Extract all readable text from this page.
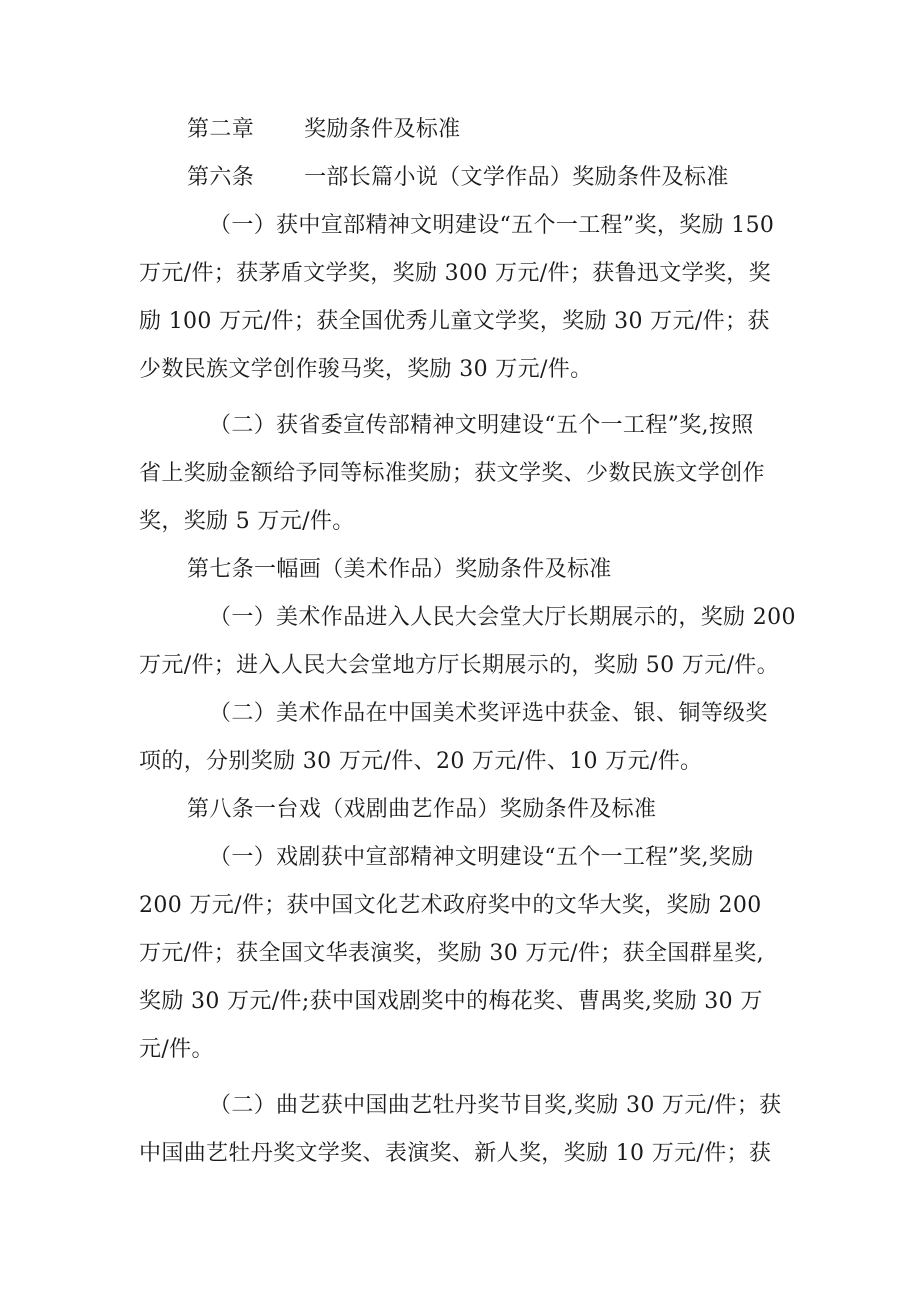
第二章 奖励条件及标准
第六条 一部长篇小说（文学作品）奖励条件及标准
（一）获中宣部精神文明建设“五个一工程”奖，奖励 150
万元/件；获茅盾文学奖，奖励 300 万元/件；获鲁迅文学奖，奖
励 100 万元/件；获全国优秀儿童文学奖，奖励 30 万元/件；获
少数民族文学创作骏马奖，奖励 30 万元/件。
（二）获省委宣传部精神文明建设“五个一工程”奖,按照
省上奖励金额给予同等标准奖励；获文学奖、少数民族文学创作
奖，奖励 5 万元/件。
第七条一幅画（美术作品）奖励条件及标准
（一）美术作品进入人民大会堂大厅长期展示的，奖励 200
万元/件；进入人民大会堂地方厅长期展示的，奖励 50 万元/件。
（二）美术作品在中国美术奖评选中获金、银、铜等级奖
项的，分别奖励 30 万元/件、20 万元/件、10 万元/件。
第八条一台戏（戏剧曲艺作品）奖励条件及标准
（一）戏剧获中宣部精神文明建设“五个一工程”奖,奖励
200 万元/件；获中国文化艺术政府奖中的文华大奖，奖励 200
万元/件；获全国文华表演奖，奖励 30 万元/件；获全国群星奖,
奖励 30 万元/件;获中国戏剧奖中的梅花奖、曹禺奖,奖励 30 万
元/件。
（二）曲艺获中国曲艺牡丹奖节目奖,奖励 30 万元/件；获
中国曲艺牡丹奖文学奖、表演奖、新人奖，奖励 10 万元/件；获
